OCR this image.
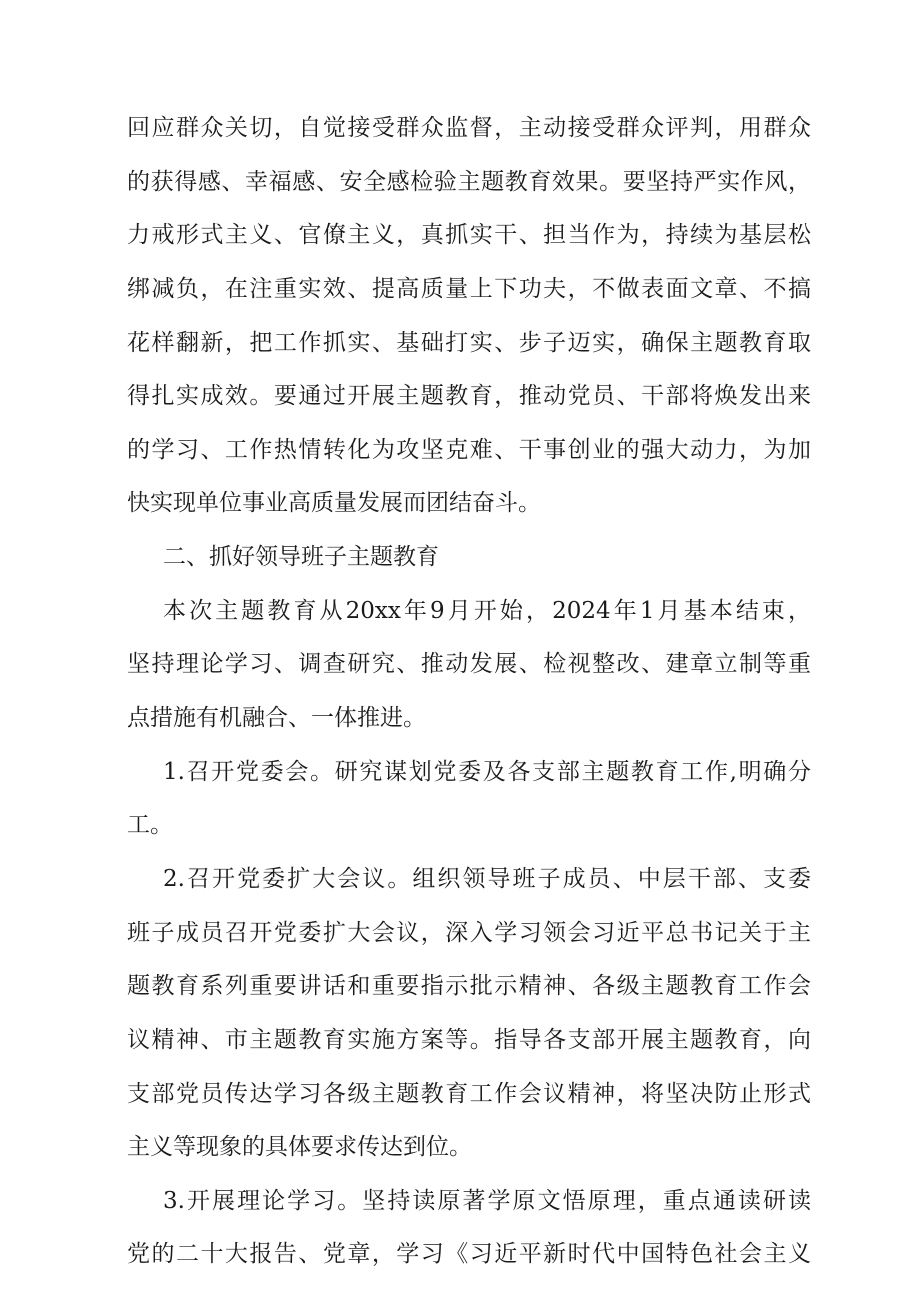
回应群众关切，自觉接受群众监督，主动接受群众评判，用群众
的获得感、幸福感、安全感检验主题教育效果。要坚持严实作风，
力戒形式主义、官僚主义，真抓实干、担当作为，持续为基层松
绑减负，在注重实效、提高质量上下功夫，不做表面文章、不搞
花样翻新，把工作抓实、基础打实、步子迈实，确保主题教育取
得扎实成效。要通过开展主题教育，推动党员、干部将焕发出来
的学习、工作热情转化为攻坚克难、干事创业的强大动力，为加
快实现单位事业高质量发展而团结奋斗。
二、抓好领导班子主题教育
本次主题教育从20xx年9月开始，2024年1月基本结束，
坚持理论学习、调查研究、推动发展、检视整改、建章立制等重
点措施有机融合、一体推进。
1.召开党委会。研究谋划党委及各支部主题教育工作,明确分
工。
2.召开党委扩大会议。组织领导班子成员、中层干部、支委
班子成员召开党委扩大会议，深入学习领会习近平总书记关于主
题教育系列重要讲话和重要指示批示精神、各级主题教育工作会
议精神、市主题教育实施方案等。指导各支部开展主题教育，向
支部党员传达学习各级主题教育工作会议精神，将坚决防止形式
主义等现象的具体要求传达到位。
3.开展理论学习。坚持读原著学原文悟原理，重点通读研读
党的二十大报告、党章，学习《习近平新时代中国特色社会主义
